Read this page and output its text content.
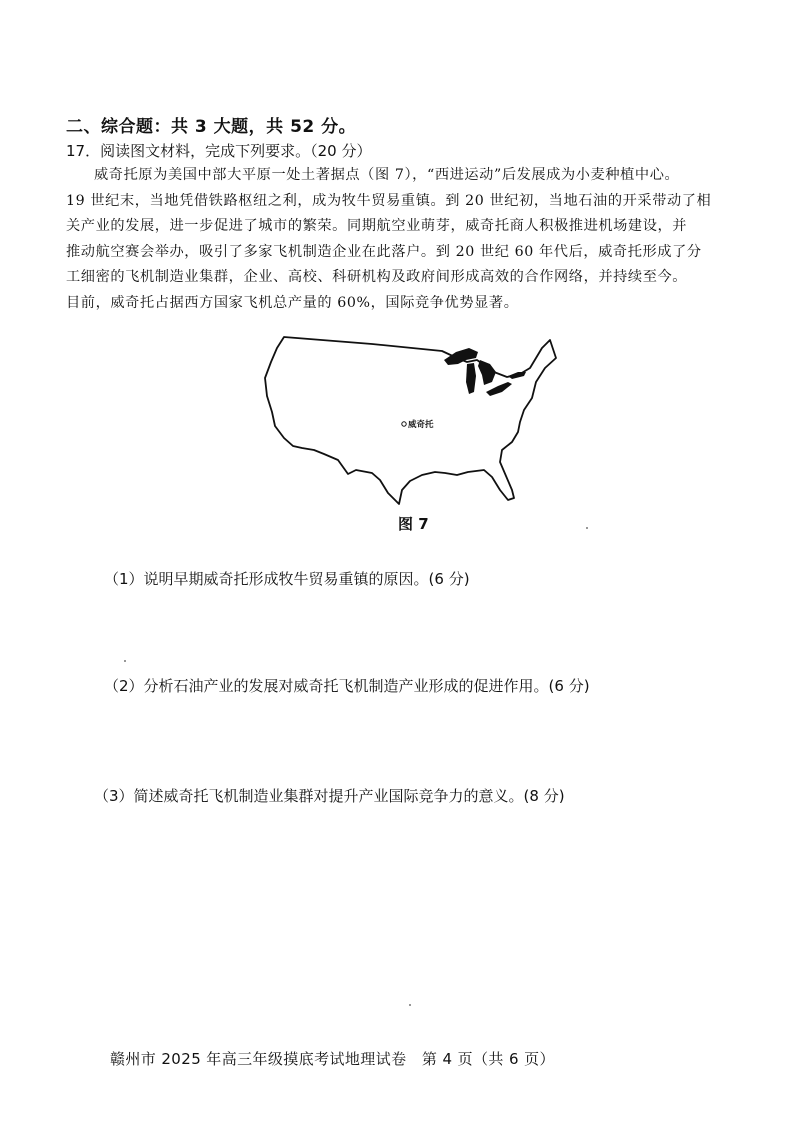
二、综合题：共 3 大题，共 52 分。
17．阅读图文材料，完成下列要求。（20 分）

威奇托原为美国中部大平原一处土著据点（图 7），“西进运动”后发展成为小麦种植中心。

19 世纪末，当地凭借铁路枢纽之利，成为牧牛贸易重镇。到 20 世纪初，当地石油的开采带动了相

关产业的发展，进一步促进了城市的繁荣。同期航空业萌芽，威奇托商人积极推进机场建设，并

推动航空赛会举办，吸引了多家飞机制造企业在此落户。到 20 世纪 60 年代后，威奇托形成了分

工细密的飞机制造业集群，企业、高校、科研机构及政府间形成高效的合作网络，并持续至今。

目前，威奇托占据西方国家飞机总产量的 60%，国际竞争优势显著。

威奇托
图 7
（1）说明早期威奇托形成牧牛贸易重镇的原因。(6 分)
（2）分析石油产业的发展对威奇托飞机制造产业形成的促进作用。(6 分)
（3）简述威奇托飞机制造业集群对提升产业国际竞争力的意义。(8 分)
赣州市 2025 年高三年级摸底考试地理试卷　第 4 页（共 6 页）
